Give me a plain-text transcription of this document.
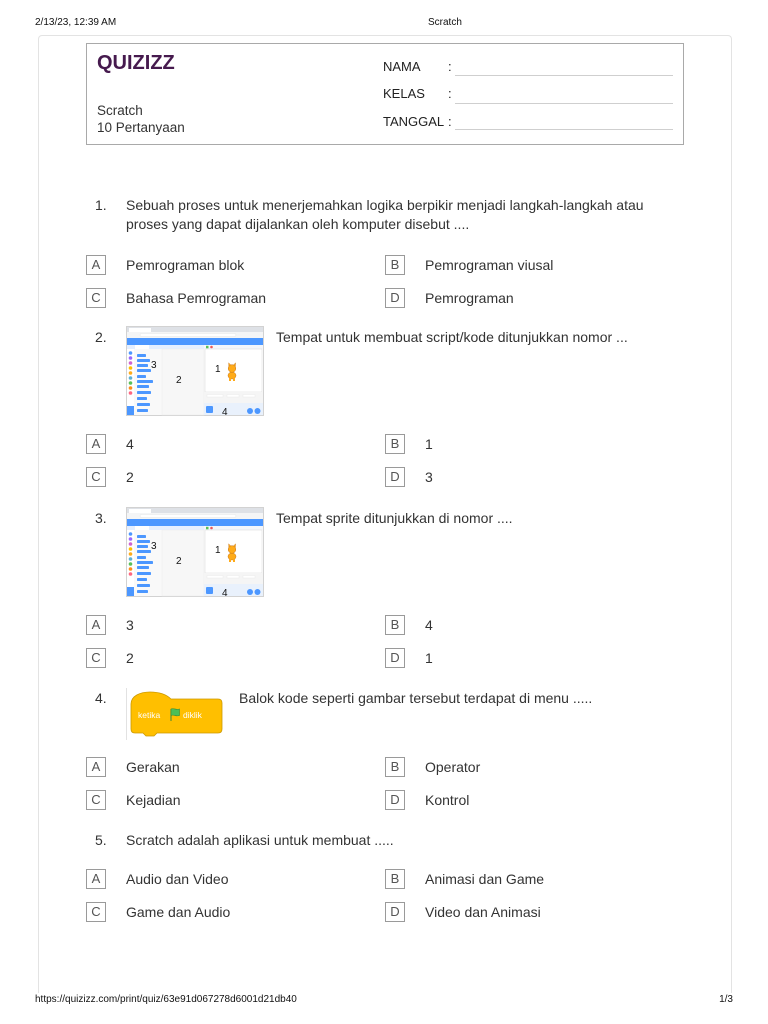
2/13/23, 12:39 AM	Scratch
QUIZIZZ
Scratch
10 Pertanyaan
NAMA :
KELAS :
TANGGAL :
1. Sebuah proses untuk menerjemahkan logika berpikir menjadi langkah-langkah atau proses yang dapat dijalankan oleh komputer disebut ....
A	Pemrograman blok	B	Pemrograman viusal
C	Bahasa Pemrograman	D	Pemrograman
2.
3
2
1
4
Tempat untuk membuat script/kode ditunjukkan nomor ...
A	4	B	1
C	2	D	3
3.
3
2
1
4
Tempat sprite ditunjukkan di nomor ....
A	3	B	4
C	2	D	1
4.
ketika	diklik
Balok kode seperti gambar tersebut terdapat di menu .....
A	Gerakan	B	Operator
C	Kejadian	D	Kontrol
5. Scratch adalah aplikasi untuk membuat .....
A	Audio dan Video	B	Animasi dan Game
C	Game dan Audio	D	Video dan Animasi
https://quizizz.com/print/quiz/63e91d067278d6001d21db40	1/3
